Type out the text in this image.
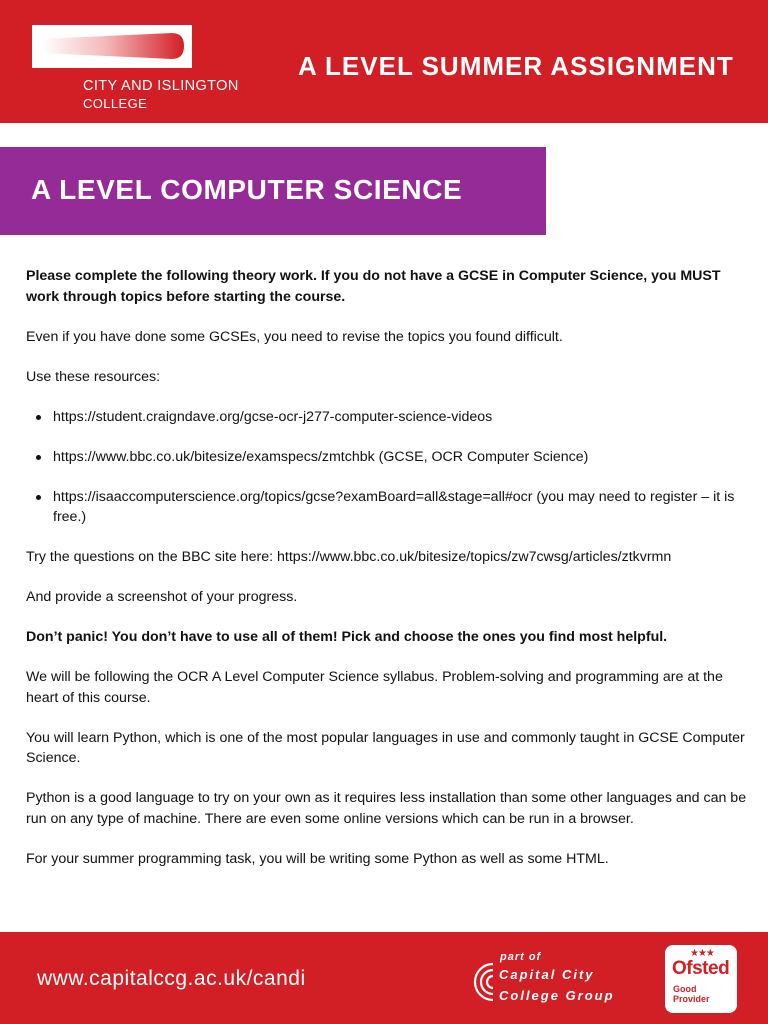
CITY AND ISLINGTON
COLLEGE
A LEVEL SUMMER ASSIGNMENT
A LEVEL COMPUTER SCIENCE

Please complete the following theory work. If you do not have a GCSE in Computer Science, you MUST work through topics before starting the course.

Even if you have done some GCSEs, you need to revise the topics you found difficult.

Use these resources:

https://student.craigndave.org/gcse-ocr-j277-computer-science-videos
https://www.bbc.co.uk/bitesize/examspecs/zmtchbk (GCSE, OCR Computer Science)
https://isaaccomputerscience.org/topics/gcse?examBoard=all&stage=all#ocr (you may need to register – it is free.)

Try the questions on the BBC site here: https://www.bbc.co.uk/bitesize/topics/zw7cwsg/articles/ztkvrmn

And provide a screenshot of your progress.

Don’t panic! You don’t have to use all of them! Pick and choose the ones you find most helpful.

We will be following the OCR A Level Computer Science syllabus. Problem-solving and programming are at the heart of this course.

You will learn Python, which is one of the most popular languages in use and commonly taught in GCSE Computer Science.

Python is a good language to try on your own as it requires less installation than some other languages and can be run on any type of machine. There are even some online versions which can be run in a browser.

For your summer programming task, you will be writing some Python as well as some HTML.

www.capitalccg.ac.uk/candi
part of
Capital City
College Group
★★★
Ofsted
Good
Provider
